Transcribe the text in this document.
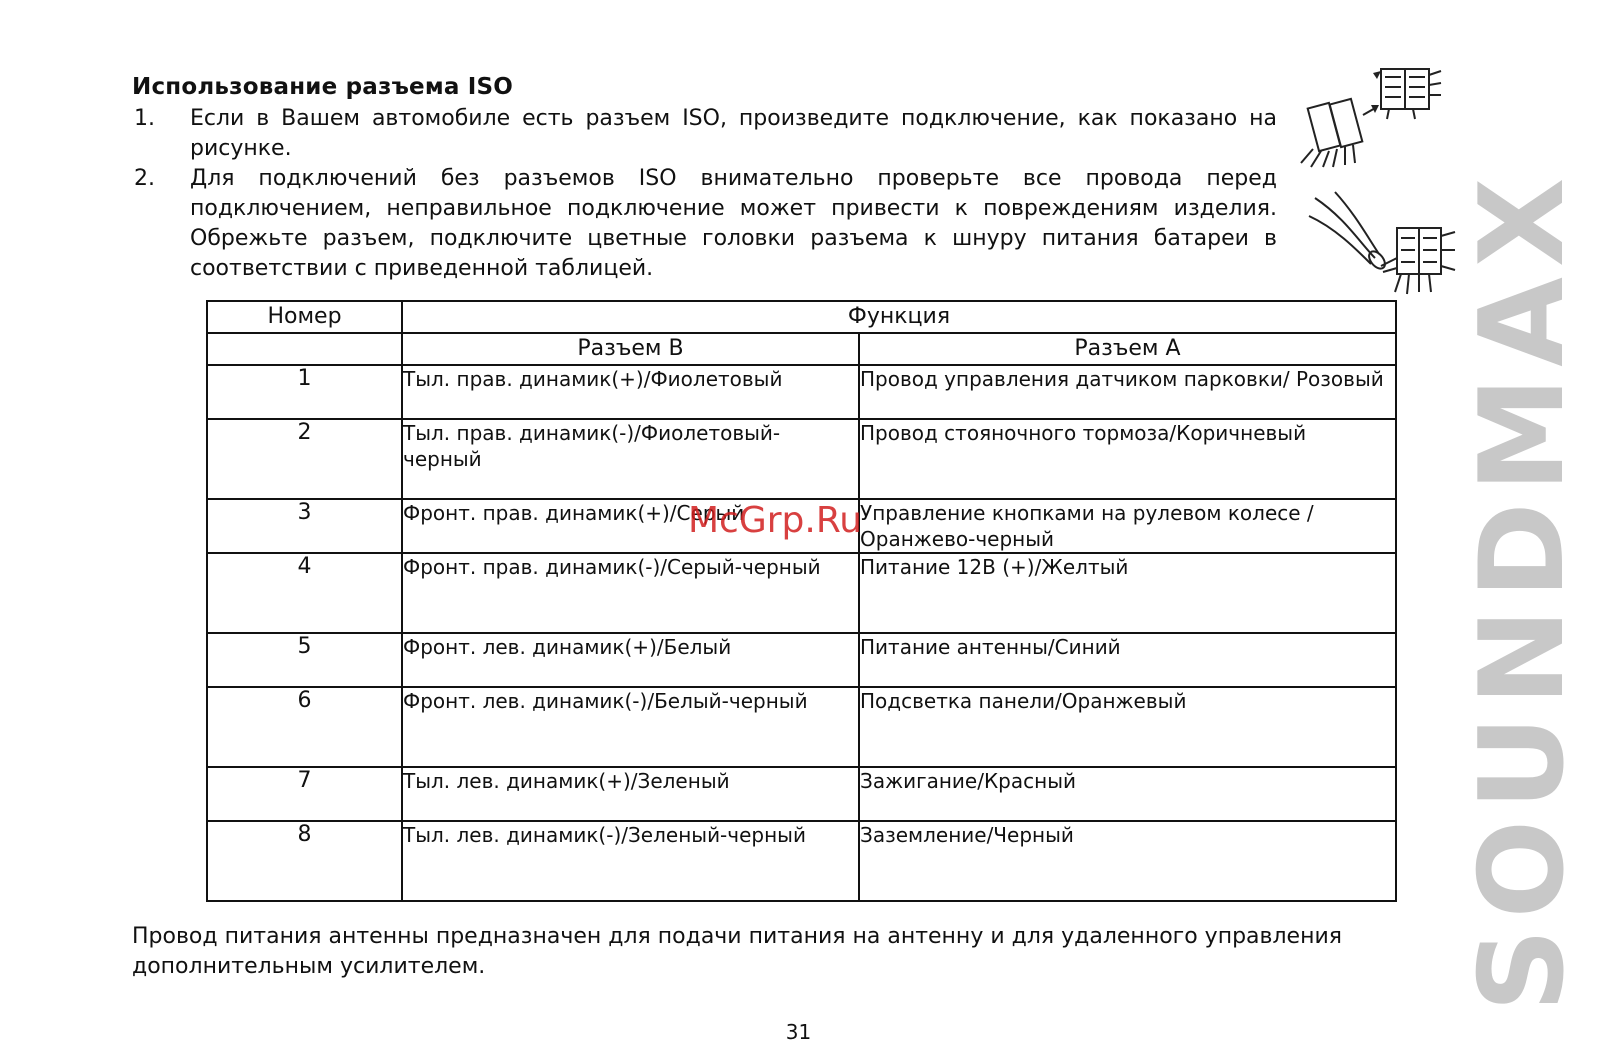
Использование разъема ISO
1. Если в Вашем автомобиле есть разъем ISO, произведите подключение, как показано на рисунке.
2. Для подключений без разъемов ISO внимательно проверьте все провода перед подключением, неправильное подключение может привести к повреждениям изделия. Обрежьте разъем, подключите цветные головки разъема к шнуру питания батареи в соответствии с приведенной таблицей.	SOUNDMAX
Номер	Функция	
	Разъем В	Разъем А
1	Тыл. прав. динамик(+)/Фиолетовый	Провод управления датчиком парковки/ Розовый
2	Тыл. прав. динамик(-)/Фиолетовый-черный	Провод стояночного тормоза/Коричневый
3	Фронт. прав. динамик(+)/Серый	Управление кнопками на рулевом колесе / Оранжево-черный
4	Фронт. прав. динамик(-)/Серый-черный	Питание 12В (+)/Желтый
5	Фронт. лев. динамик(+)/Белый	Питание антенны/Синий
6	Фронт. лев. динамик(-)/Белый-черный	Подсветка панели/Оранжевый
7	Тыл. лев. динамик(+)/Зеленый	Зажигание/Красный
8	Тыл. лев. динамик(-)/Зеленый-черный	Заземление/Черный
McGrp.Ru
Провод питания антенны предназначен для подачи питания на антенну и для удаленного управления дополнительным усилителем.
31
